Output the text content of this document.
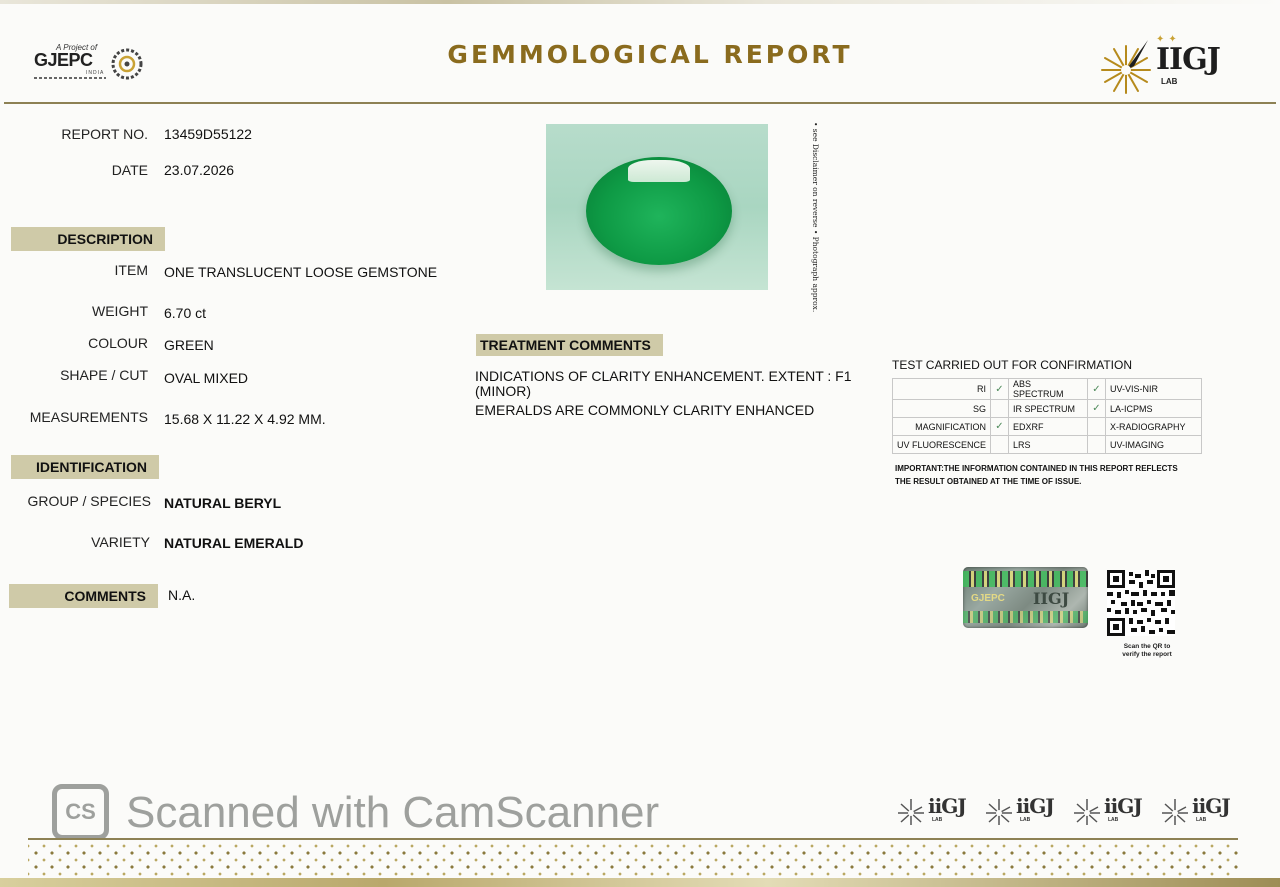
A Project of
GJEPC
INDIA
GEMMOLOGICAL REPORT
✦✦
IIGJ
LAB
REPORT NO. 13459D55122
DATE 23.07.2026
DESCRIPTION
ITEM ONE TRANSLUCENT LOOSE GEMSTONE
WEIGHT 6.70 ct
COLOUR GREEN
SHAPE / CUT OVAL MIXED
MEASUREMENTS 15.68 X 11.22 X 4.92 MM.
IDENTIFICATION
GROUP / SPECIES NATURAL BERYL
VARIETY NATURAL EMERALD
COMMENTS	N.A.
• see Disclaimer on reverse • Photograph approx.
TREATMENT COMMENTS
INDICATIONS OF CLARITY ENHANCEMENT. EXTENT : F1
(MINOR)
EMERALDS ARE COMMONLY CLARITY ENHANCED
TEST CARRIED OUT FOR CONFIRMATION
RI	✓	ABS SPECTRUM	✓	UV-VIS-NIR
SG		IR SPECTRUM	✓	LA-ICPMS
MAGNIFICATION	✓	EDXRF		X-RADIOGRAPHY
UV FLUORESCENCE		LRS		UV-IMAGING
IMPORTANT:THE INFORMATION CONTAINED IN THIS REPORT REFLECTS THE RESULT OBTAINED AT THE TIME OF ISSUE.
GJEPC IIGJ
Scan the QR to
verify the report
CS Scanned with CamScanner	iiGJ
LAB
iiGJ
LAB
iiGJ
LAB
iiGJ
LAB
